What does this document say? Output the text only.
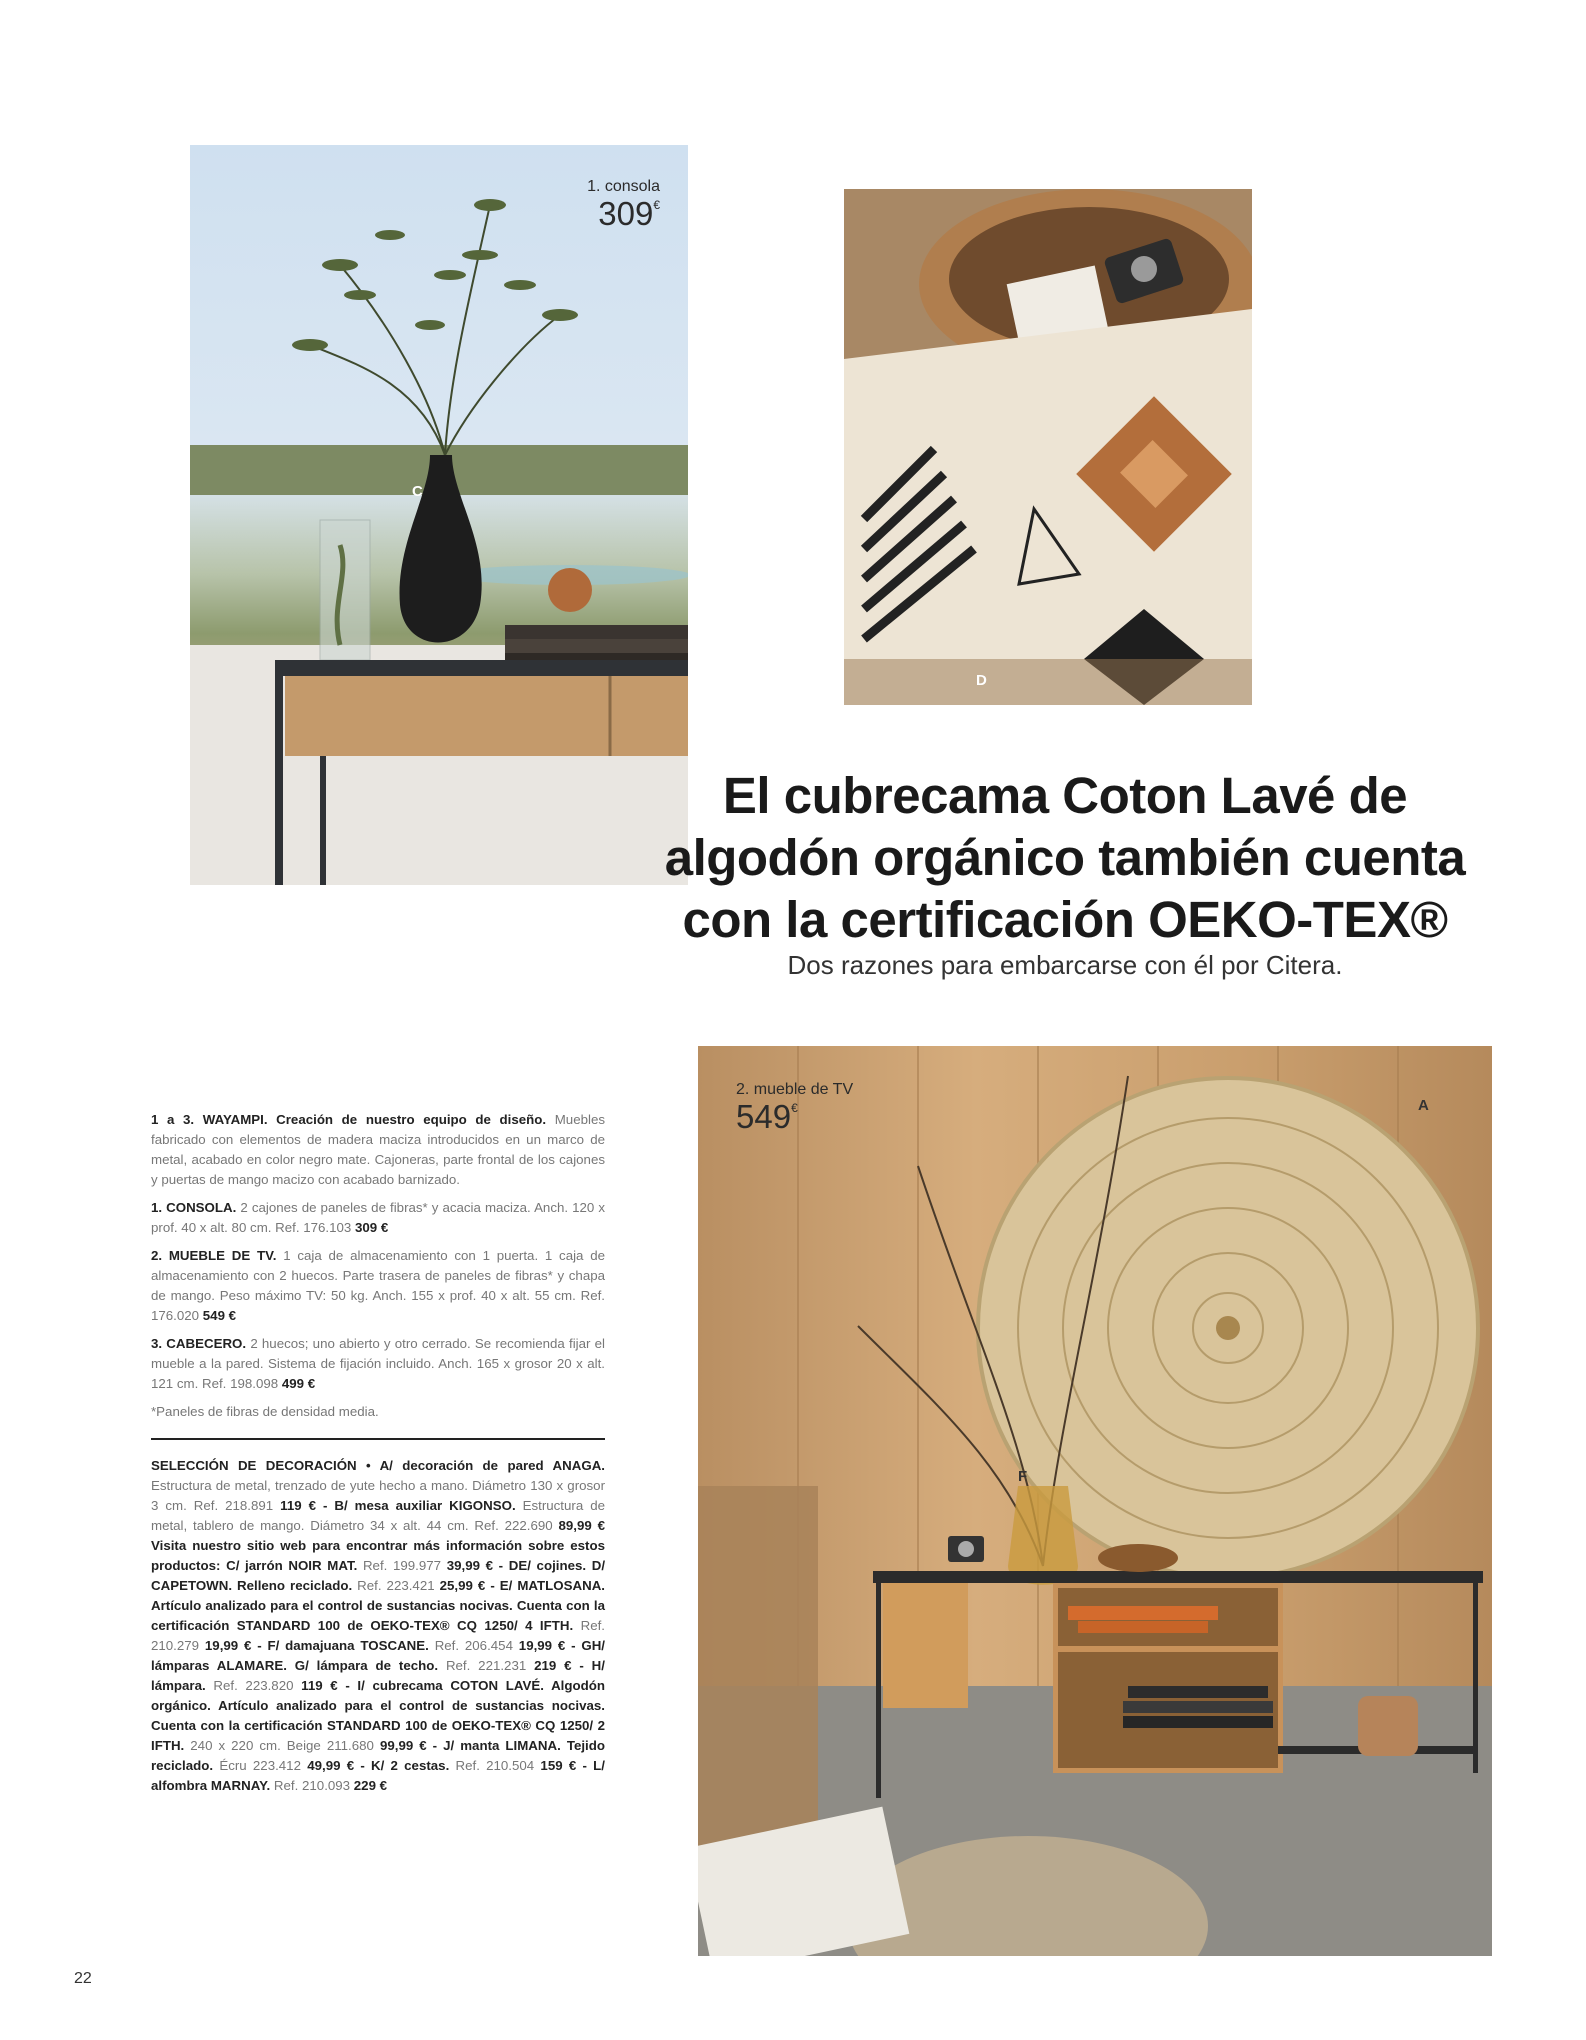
1. consola
309€
C
D
El cubrecama Coton Lavé de
algodón orgánico también cuenta
con la certificación OEKO-TEX®
Dos razones para embarcarse con él por Citera.

1 a 3. WAYAMPI. Creación de nuestro equipo de diseño. Muebles fabricado con elementos de madera maciza introducidos en un marco de metal, acabado en color negro mate. Cajoneras, parte frontal de los cajones y puertas de mango macizo con acabado barnizado.

1. CONSOLA. 2 cajones de paneles de fibras* y acacia maciza. Anch. 120 x prof. 40 x alt. 80 cm. Ref. 176.103 309 €

2. MUEBLE DE TV. 1 caja de almacenamiento con 1 puerta. 1 caja de almacenamiento con 2 huecos. Parte trasera de paneles de fibras* y chapa de mango. Peso máximo TV: 50 kg. Anch. 155 x prof. 40 x alt. 55 cm. Ref. 176.020 549 €

3. CABECERO. 2 huecos; uno abierto y otro cerrado. Se recomienda fijar el mueble a la pared. Sistema de fijación incluido. Anch. 165 x grosor 20 x alt. 121 cm. Ref. 198.098 499 €

*Paneles de fibras de densidad media.

SELECCIÓN DE DECORACIÓN • A/ decoración de pared ANAGA. Estructura de metal, trenzado de yute hecho a mano. Diámetro 130 x grosor 3 cm. Ref. 218.891 119 € - B/ mesa auxiliar KIGONSO. Estructura de metal, tablero de mango. Diámetro 34 x alt. 44 cm. Ref. 222.690 89,99 € Visita nuestro sitio web para encontrar más información sobre estos productos: C/ jarrón NOIR MAT. Ref. 199.977 39,99 € - DE/ cojines. D/ CAPETOWN. Relleno reciclado. Ref. 223.421 25,99 € - E/ MATLOSANA. Artículo analizado para el control de sustancias nocivas. Cuenta con la certificación STANDARD 100 de OEKO-TEX® CQ 1250/ 4 IFTH. Ref. 210.279 19,99 € - F/ damajuana TOSCANE. Ref. 206.454 19,99 € - GH/ lámparas ALAMARE. G/ lámpara de techo. Ref. 221.231 219 € - H/ lámpara. Ref. 223.820 119 € - I/ cubrecama COTON LAVÉ. Algodón orgánico. Artículo analizado para el control de sustancias nocivas. Cuenta con la certificación STANDARD 100 de OEKO-TEX® CQ 1250/ 2 IFTH. 240 x 220 cm. Beige 211.680 99,99 € - J/ manta LIMANA. Tejido reciclado. Écru 223.412 49,99 € - K/ 2 cestas. Ref. 210.504 159 € - L/ alfombra MARNAY. Ref. 210.093 229 €

2. mueble de TV
549€	A
F
22
